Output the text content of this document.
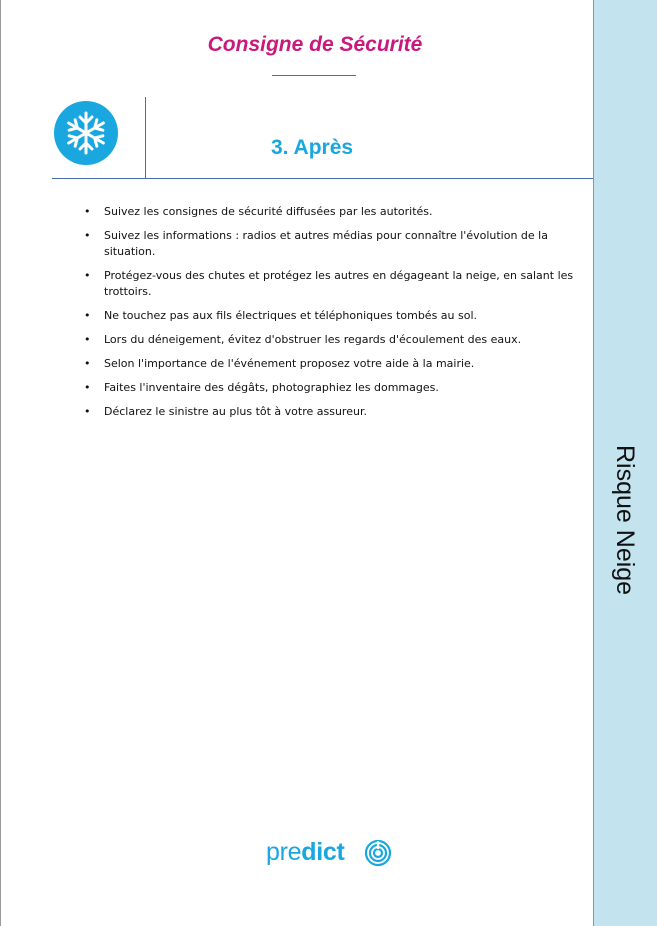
Consigne de Sécurité
3. Après
• Suivez les consignes de sécurité diffusées par les autorités.
• Suivez les informations : radios et autres médias pour connaître l'évolution de la situation.
• Protégez-vous des chutes et protégez les autres en dégageant la neige, en salant les trottoirs.
• Ne touchez pas aux fils électriques et téléphoniques tombés au sol.
• Lors du déneigement, évitez d'obstruer les regards d'écoulement des eaux.
• Selon l'importance de l'événement proposez votre aide à la mairie.
• Faites l'inventaire des dégâts, photographiez les dommages.
• Déclarez le sinistre au plus tôt à votre assureur.
Risque Neige
predict
